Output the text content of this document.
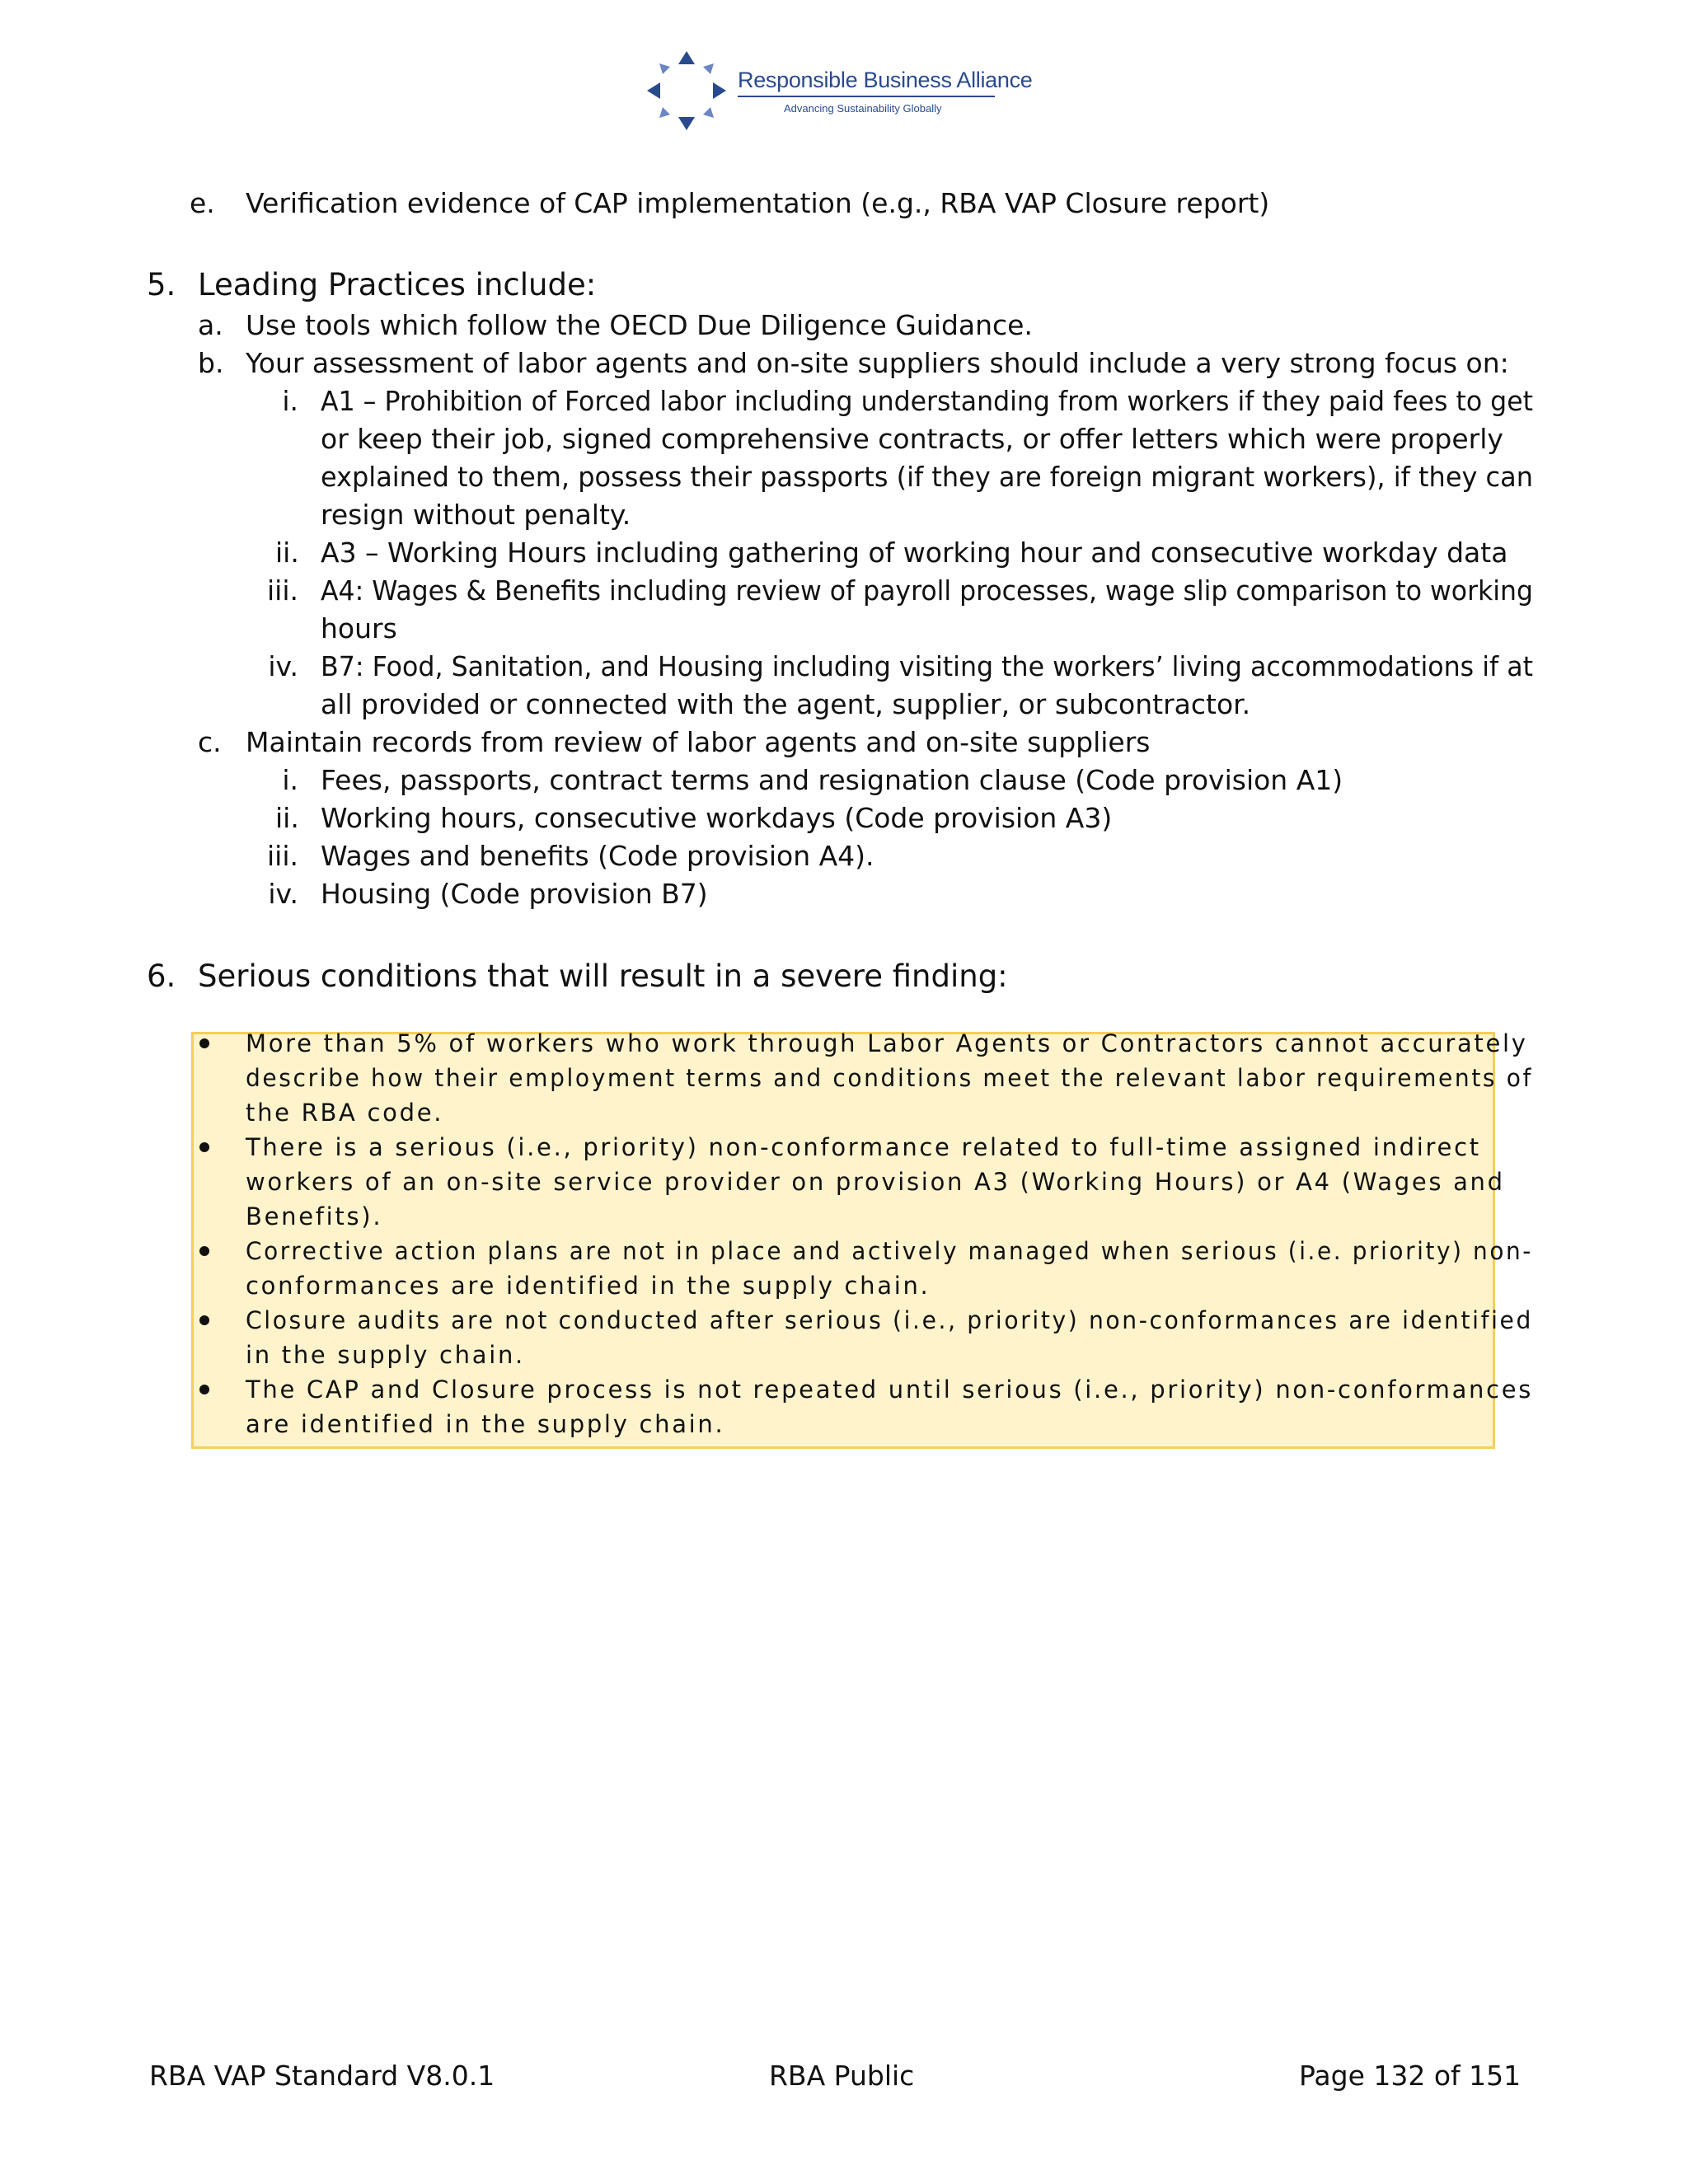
Responsible Business Alliance
Advancing Sustainability Globally
e. Verification evidence of CAP implementation (e.g., RBA VAP Closure report)
5. Leading Practices include:
a. Use tools which follow the OECD Due Diligence Guidance.
b. Your assessment of labor agents and on-site suppliers should include a very strong focus on:
i. A1 – Prohibition of Forced labor including understanding from workers if they paid fees to get
or keep their job, signed comprehensive contracts, or offer letters which were properly
explained to them, possess their passports (if they are foreign migrant workers), if they can
resign without penalty.
ii. A3 – Working Hours including gathering of working hour and consecutive workday data
iii. A4: Wages & Benefits including review of payroll processes, wage slip comparison to working
hours
iv. B7: Food, Sanitation, and Housing including visiting the workers’ living accommodations if at
all provided or connected with the agent, supplier, or subcontractor.
c. Maintain records from review of labor agents and on-site suppliers
i. Fees, passports, contract terms and resignation clause (Code provision A1)
ii. Working hours, consecutive workdays (Code provision A3)
iii. Wages and benefits (Code provision A4).
iv. Housing (Code provision B7)
6. Serious conditions that will result in a severe finding:
More than 5% of workers who work through Labor Agents or Contractors cannot accurately
describe how their employment terms and conditions meet the relevant labor requirements of
the RBA code.
There is a serious (i.e., priority) non-conformance related to full-time assigned indirect
workers of an on-site service provider on provision A3 (Working Hours) or A4 (Wages and
Benefits).
Corrective action plans are not in place and actively managed when serious (i.e. priority) non-
conformances are identified in the supply chain.
Closure audits are not conducted after serious (i.e., priority) non-conformances are identified
in the supply chain.
The CAP and Closure process is not repeated until serious (i.e., priority) non-conformances
are identified in the supply chain.
RBA VAP Standard V8.0.1	RBA Public	Page 132 of 151
